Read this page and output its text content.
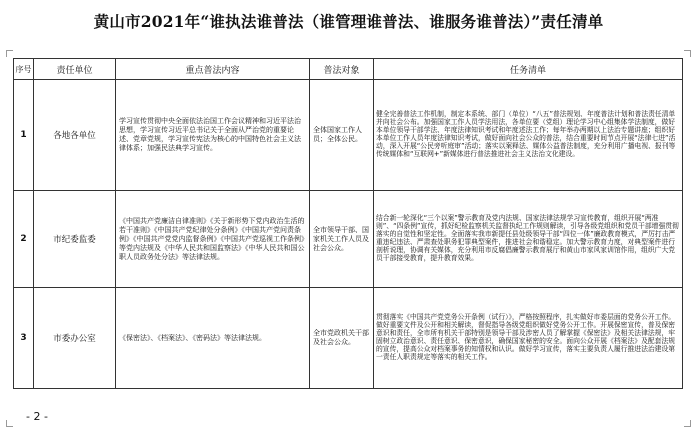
黄山市2021年“谁执法谁普法（谁管理谁普法、谁服务谁普法）”责任清单
序号	责任单位	重点普法内容	普法对象	任务清单
1	各地各单位	学习宣传贯彻中央全面依法治国工作会议精神和习近平法治思想，学习宣传习近平总书记关于全面从严治党的重要论述、党章党规，学习宣传宪法为核心的中国特色社会主义法律体系；加强民法典学习宣传。	全体国家工作人员；全体公民。	健全完善普法工作机制，制定本系统、部门（单位）“八五”普法规划、年度普法计划和普法责任清单并向社会公布。加强国家工作人员学法用法，各单位要（党组）理论学习中心组集体学法制度，做好本单位领导干部学法、年度法律知识考试和年度述法工作；每年举办两期以上法治专题讲座；组织好本单位工作人员年度法律知识考试，做好面向社会公众的普法，结合重要时间节点开展“法律七进”活动，深入开展“公民旁听庭审”活动；落实以案释法、媒体公益普法制度，充分利用广播电视、报刊等传统媒体和“互联网+”新媒体进行普法推进社会主义法治文化建设。
2	市纪委监委	《中国共产党廉洁自律准则》《关于新形势下党内政治生活的若干准则》《中国共产党纪律处分条例》《中国共产党问责条例》《中国共产党党内监督条例》《中国共产党巡视工作条例》等党内法规及《中华人民共和国监察法》《中华人民共和国公职人员政务处分法》等法律法规。	全市领导干部、国家机关工作人员及社会公众。	结合新一轮深化“三个以案”警示教育及党内法规、国家法律法规学习宣传教育，组织开展“两准则”、“四条例”宣传，抓好纪检监察机关监督执纪工作规则解读，引导各级党组织和党员干部增强贯彻落实的自觉性和坚定性。全面落实我市新提任县处级领导干部“四位一体”廉政教育模式，严厉打击严重违纪违法、严肃查处职务犯罪典型案件，推进社会和谐稳定。加大警示教育力度，对典型案件进行剖析说理，协调有关媒体，充分利用市反腐倡廉警示教育展厅和黄山市家风家训馆作用，组织广大党员干部接受教育，提升教育效果。
3	市委办公室	《保密法》、《档案法》、《密码法》等法律法规。	全市党政机关干部及社会公众。	贯彻落实《中国共产党党务公开条例（试行）》，严格按照程序，扎实做好市委层面的党务公开工作。做好重要文件及公开和相关解读，督促指导各级党组织做好党务公开工作。开展保密宣传，普及保密意识和责任，全市所有机关干部特别是领导干部及涉密人员了解掌握《保密法》及相关法律法规，牢固树立政治意识、责任意识、保密意识，确保国家秘密的安全。面向公众开展《档案法》及配套法规的宣传，提高公众对档案事务的知情权和认识。做好学习宣传，落实主要负责人履行推进法治建设第一责任人职责规定等落实的相关工作。
- 2 -
